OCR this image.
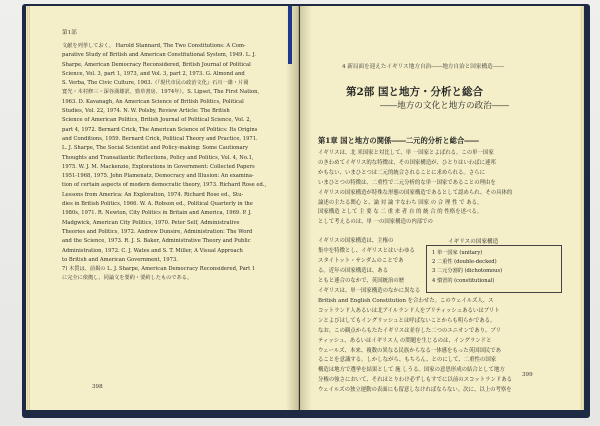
第1部
文献を列挙しておく。 Harold Stannard, The Two Constitutions: A Com-
parative Study of British and American Constitutional System, 1949. L. J.
Sharpe, American Democracy Reconsidered, British Journal of Political
Science, Vol. 3, part 1, 1973, and Vol. 3, part 2, 1973. G. Almond and
S. Verba, The Civic Culture, 1963.（『現代市民の政治文化』石川一雄・片岡
寛光・木村修三・深谷満雄訳、勁草書房、1974年）。S. Lipset, The First Nation,
1963. D. Kavanagh, An American Science of British Politics, Political
Studies, Vol. 22, 1974. N. W. Polsby, Review Article: The British
Science of American Politics, British Journal of Political Science, Vol. 2,
part 4, 1972. Bernard Crick, The American Science of Politics: Its Origins
and Conditions, 1959. Bernard Crick, Political Theory and Practice, 1971.
L. J. Sharpe, The Social Scientist and Policy-making: Some Cautionary
Thoughts and Transatlantic Reflections, Policy and Politics, Vol. 4, No.1,
1975. W. J. M. Mackenzie, Explorations in Government: Collected Papers
1951-1968, 1975. John Plamenatz, Democracy and Illusion: An examina-
tion of certain aspects of modern democratic theory, 1973. Richard Rose ed.,
Lessons from America: An Exploration, 1974. Richard Rose ed., Stu-
dies in British Politics, 1966. W. A. Robson ed., Political Quarterly in the
1980s, 1971. R. Newton, City Politics in Britain and America, 1969. P. J.
Madgwick, American City Politics, 1970. Peter Self, Administrative
Theories and Politics, 1972. Andrew Dunsire, Administration: The Word
and the Science, 1973. R. J. S. Baker, Administrative Theory and Public
Administration, 1972. C. J. Wates and S. T. Miller, A Visual Approach
to British and American Government, 1973.
7) 木質は、前掲の L. J. Sharpe, American Democracy Reconsidered, Part 1
に完全に依拠し、同論文を要約・要約したものである。
398
4 新局面を迎えたイギリス地方自治――地方自治と国家構造――
第2部 国と地方・分析と総合
――地方の文化と地方の政治――
第1章 国と地方の関係――二元的分析と総合――
イギリスは、北 米国家と対比して、単 一国家とよばれる。この単一国家
のきわめてイギリス的な特徴は、その国家構造が、ひとりはいわばに連邦
かもない、いまひとつは二元的統合されることに求められる。さらに
いまひとつの特徴は、二重性で二元分析的な単一国家であることの理由を
イギリスの国家構造が特殊な形態の国家構造であるとして認められ、その具体的
論述の主たる関心 と、論 対 論 すなわち 国家 の 合 理 性 で ある。
国家構造 として 主 要 な 二 重 来 者 自 的 統 合 的 性格を述べる。
として考えるのは、単 一の国家構造の内部での
イギリスの国家構造は、主権の
集中を特徴とし、イギリスとはいわゆる
スタイトット・サンダムのことであ
る。近年の国家構造は、ある
ともと連合のなかで、英国統治の歴
イギリスは、単一国家構造のなかに異なる
イギリスの国家構造
1 単一国家 (unitary)
2 二重性 (double-decked)
3 二元分割的 (dichotomous)
4 慣習的 (constitutional)
British and English Constitution を合わせた。このウェイルズ人、ス
コットランド人あるいは北アイルランド人をブリティッシュあるいはブリト
ンとよびはしてもイングリッシュとは呼ばないことからも明らかである。
なお、この観点からもたたイギリスは並存した二つのユニオンであり、ブリ
ティッシュ、あるいはイギリス人 の問題を生じるのは、イングランドと
ウェールズ、本来、複数の異なる民族からなる一体感をもった英国国民であ
ることを意識する。しかしながら、もちろん、とのにして、二重性の国家
構造は地方で選挙を結果として 施 しうる。国家の意思形成の結合として地方
分権の強さにおいて、それはとりわけ必ずしもすでに以前のスコットランドある
ウェイルズの独立運動の表面にも留意しなければならない。次に、以上の考察を
399
